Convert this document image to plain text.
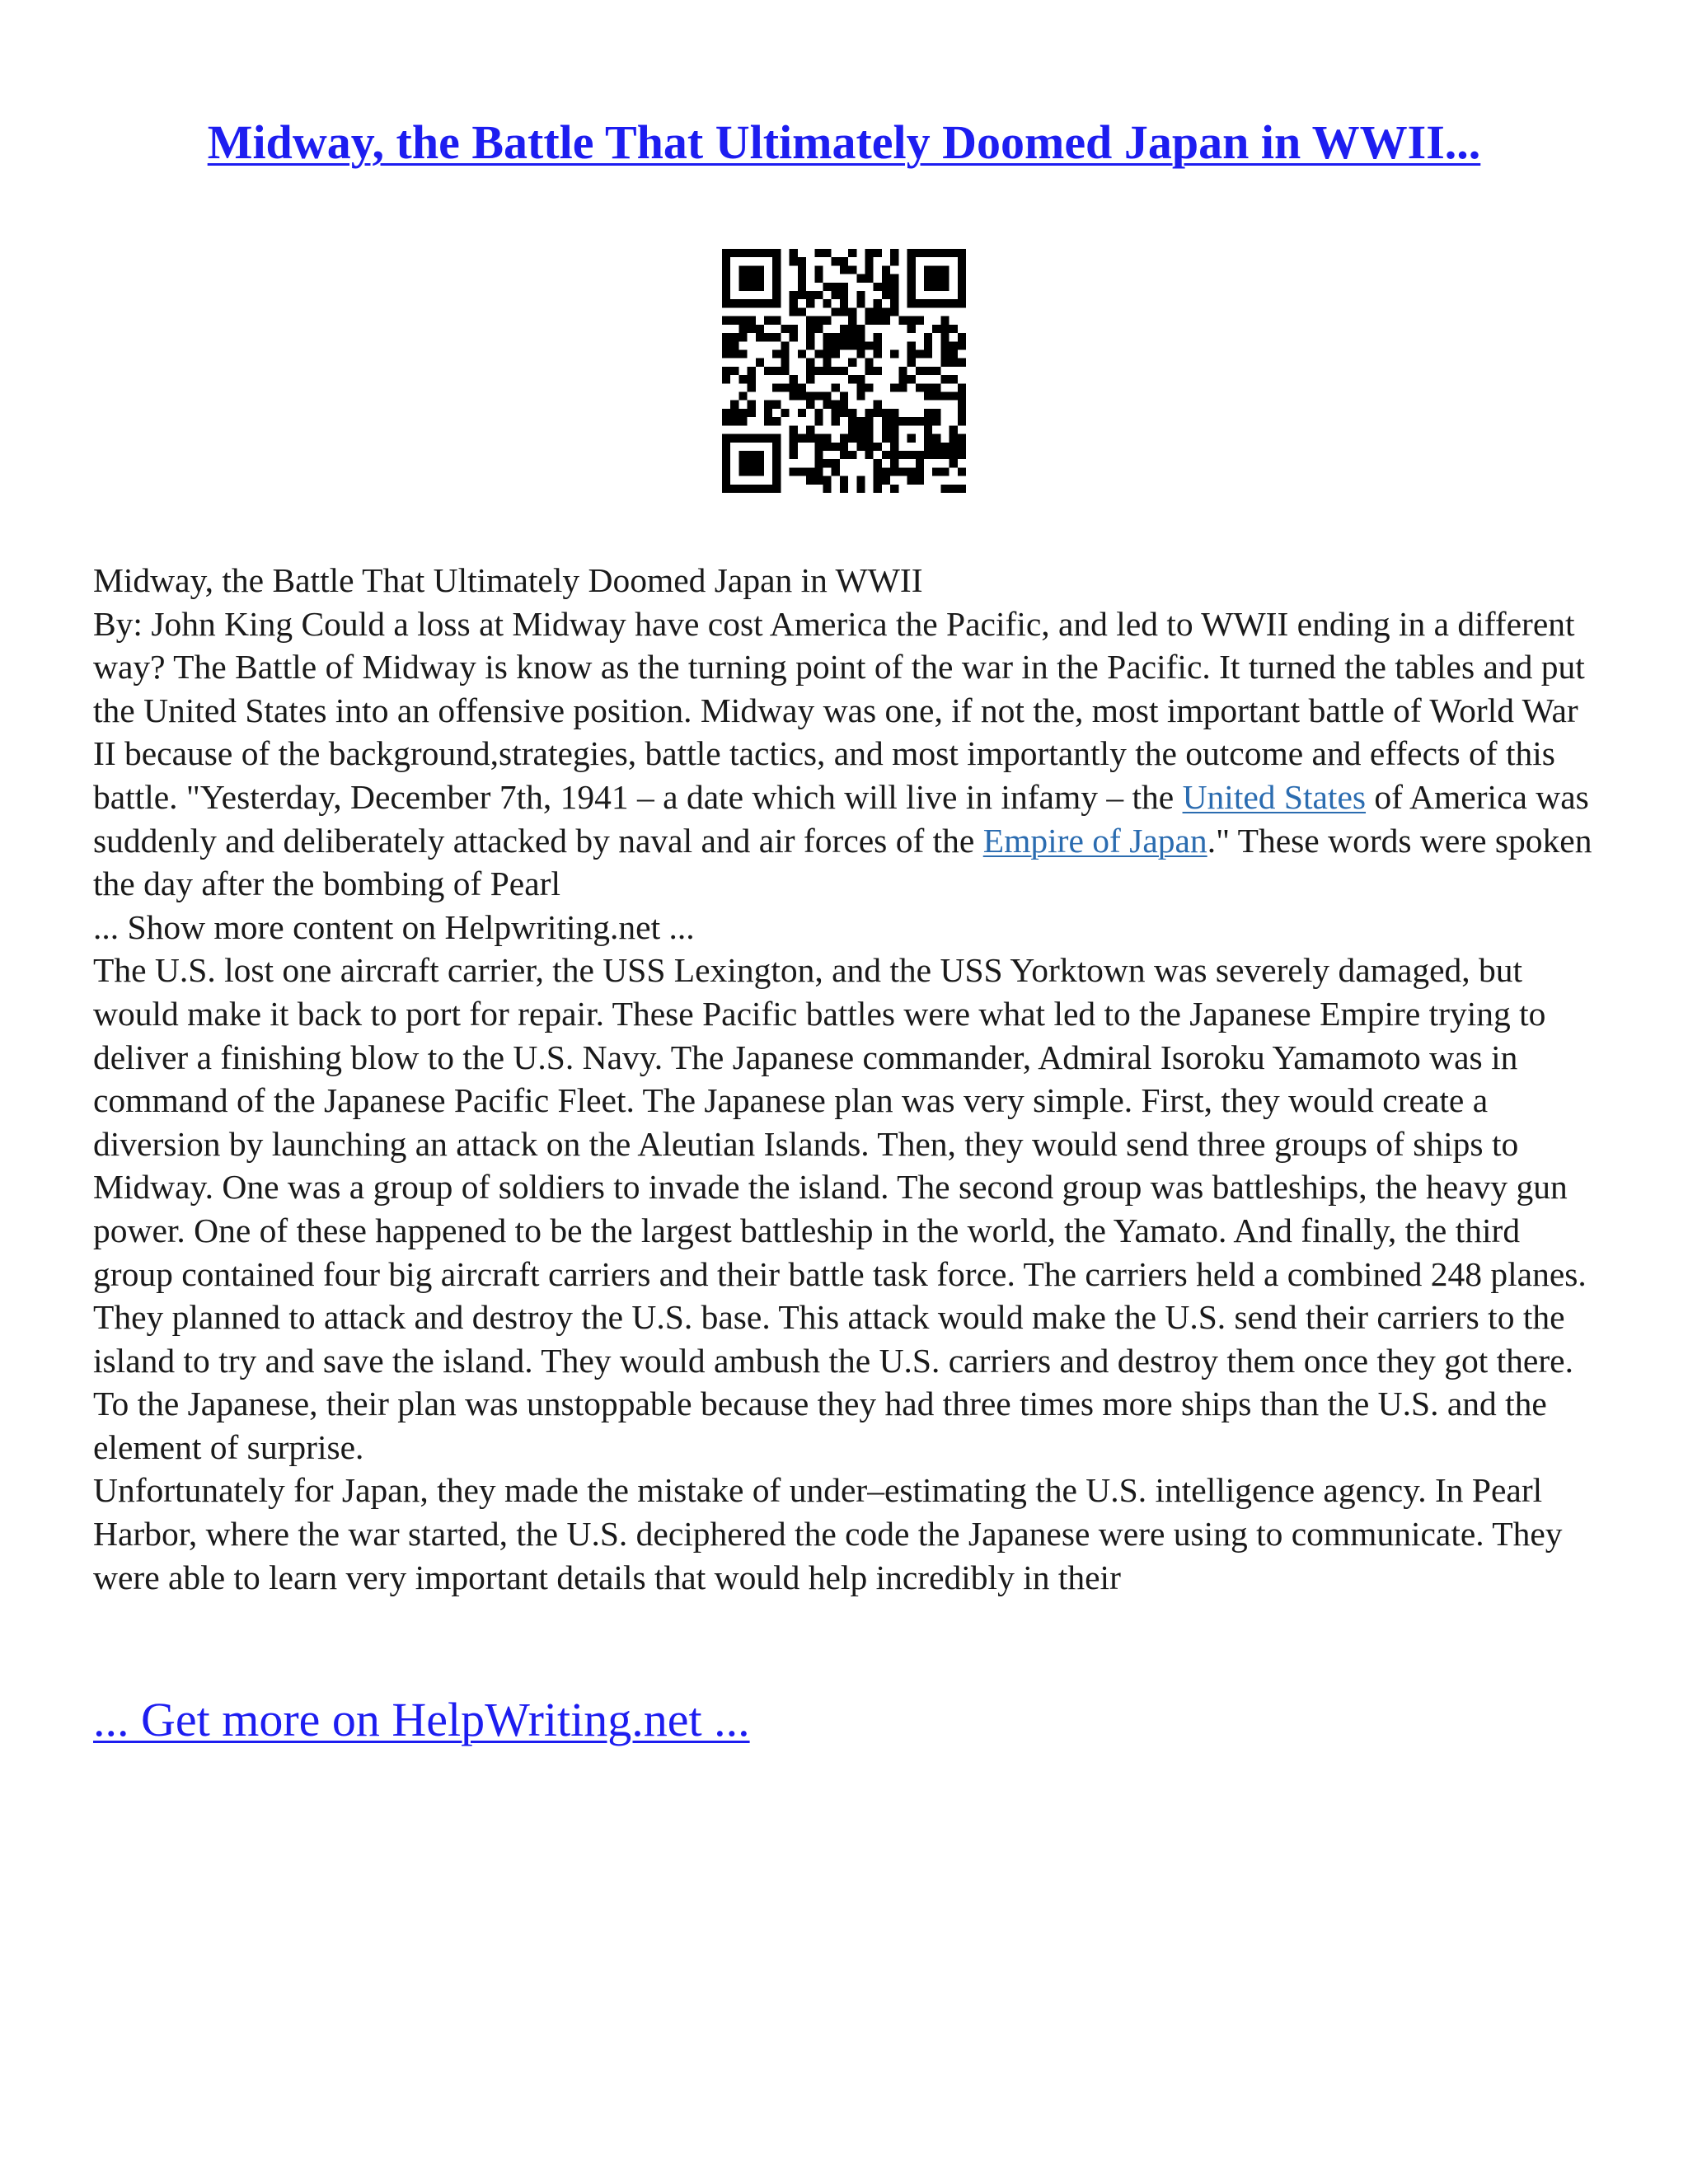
Midway, the Battle That Ultimately Doomed Japan in WWII...

Midway, the Battle That Ultimately Doomed Japan in WWII

By: John King Could a loss at Midway have cost America the Pacific, and led to WWII ending in a different way? The Battle of Midway is know as the turning point of the war in the Pacific. It turned the tables and put the United States into an offensive position. Midway was one, if not the, most important battle of World War II because of the background,strategies, battle tactics, and most importantly the outcome and effects of this battle. "Yesterday, December 7th, 1941 – a date which will live in infamy – the United States of America was suddenly and deliberately attacked by naval and air forces of the Empire of Japan." These words were spoken the day after the bombing of Pearl

... Show more content on Helpwriting.net ...

The U.S. lost one aircraft carrier, the USS Lexington, and the USS Yorktown was severely damaged, but would make it back to port for repair. These Pacific battles were what led to the Japanese Empire trying to deliver a finishing blow to the U.S. Navy. The Japanese commander, Admiral Isoroku Yamamoto was in command of the Japanese Pacific Fleet. The Japanese plan was very simple. First, they would create a diversion by launching an attack on the Aleutian Islands. Then, they would send three groups of ships to Midway. One was a group of soldiers to invade the island. The second group was battleships, the heavy gun power. One of these happened to be the largest battleship in the world, the Yamato. And finally, the third group contained four big aircraft carriers and their battle task force. The carriers held a combined 248 planes. They planned to attack and destroy the U.S. base. This attack would make the U.S. send their carriers to the island to try and save the island. They would ambush the U.S. carriers and destroy them once they got there. To the Japanese, their plan was unstoppable because they had three times more ships than the U.S. and the element of surprise.

Unfortunately for Japan, they made the mistake of under–estimating the U.S. intelligence agency. In Pearl Harbor, where the war started, the U.S. deciphered the code the Japanese were using to communicate. They were able to learn very important details that would help incredibly in their

... Get more on HelpWriting.net ...
